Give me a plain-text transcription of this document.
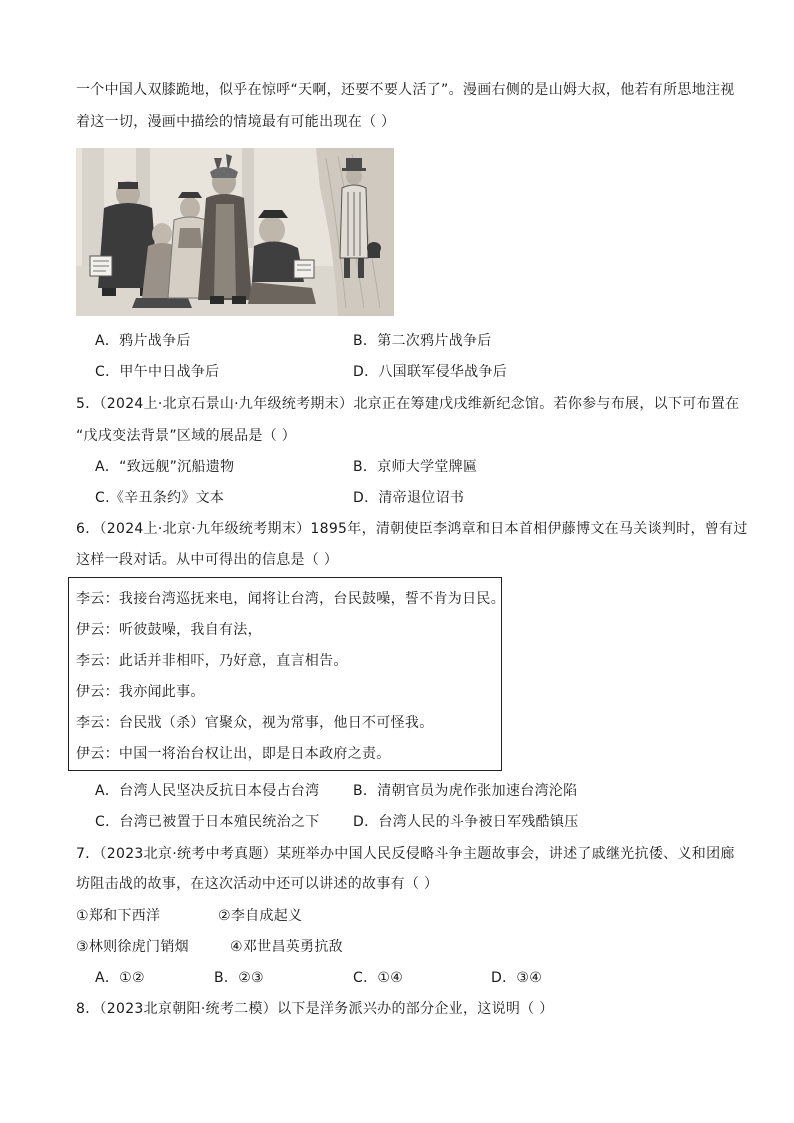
一个中国人双膝跪地，似乎在惊呼“天啊，还要不要人活了”。漫画右侧的是山姆大叔，他若有所思地注视
着这一切，漫画中描绘的情境最有可能出现在（ ）
A．鸦片战争后	B．第二次鸦片战争后
C．甲午中日战争后	D．八国联军侵华战争后
5．（2024上·北京石景山·九年级统考期末）北京正在筹建戊戌维新纪念馆。若你参与布展，以下可布置在
“戊戌变法背景”区域的展品是（ ）
A．“致远舰”沉船遗物	B．京师大学堂牌匾
C.《辛丑条约》文本	D．清帝退位诏书
6．（2024上·北京·九年级统考期末）1895年，清朝使臣李鸿章和日本首相伊藤博文在马关谈判时，曾有过
这样一段对话。从中可得出的信息是（ ）
李云：我接台湾巡抚来电，闻将让台湾，台民鼓噪，誓不肯为日民。
伊云：听彼鼓噪，我自有法，
李云：此话并非相吓，乃好意，直言相告。
伊云：我亦闻此事。
李云：台民戕（杀）官聚众，视为常事，他日不可怪我。
伊云：中国一将治台权让出，即是日本政府之责。
A．台湾人民坚决反抗日本侵占台湾 B．清朝官员为虎作张加速台湾沦陷
C．台湾已被置于日本殖民统治之下 D．台湾人民的斗争被日军残酷镇压
7．（2023北京·统考中考真题）某班举办中国人民反侵略斗争主题故事会，讲述了戚继光抗倭、义和团廊
坊阻击战的故事，在这次活动中还可以讲述的故事有（ ）
①郑和下西洋	②李自成起义
③林则徐虎门销烟	④邓世昌英勇抗敌
A．①②	B．②③	C．①④	D．③④
8．（2023北京朝阳·统考二模）以下是洋务派兴办的部分企业，这说明（ ）
